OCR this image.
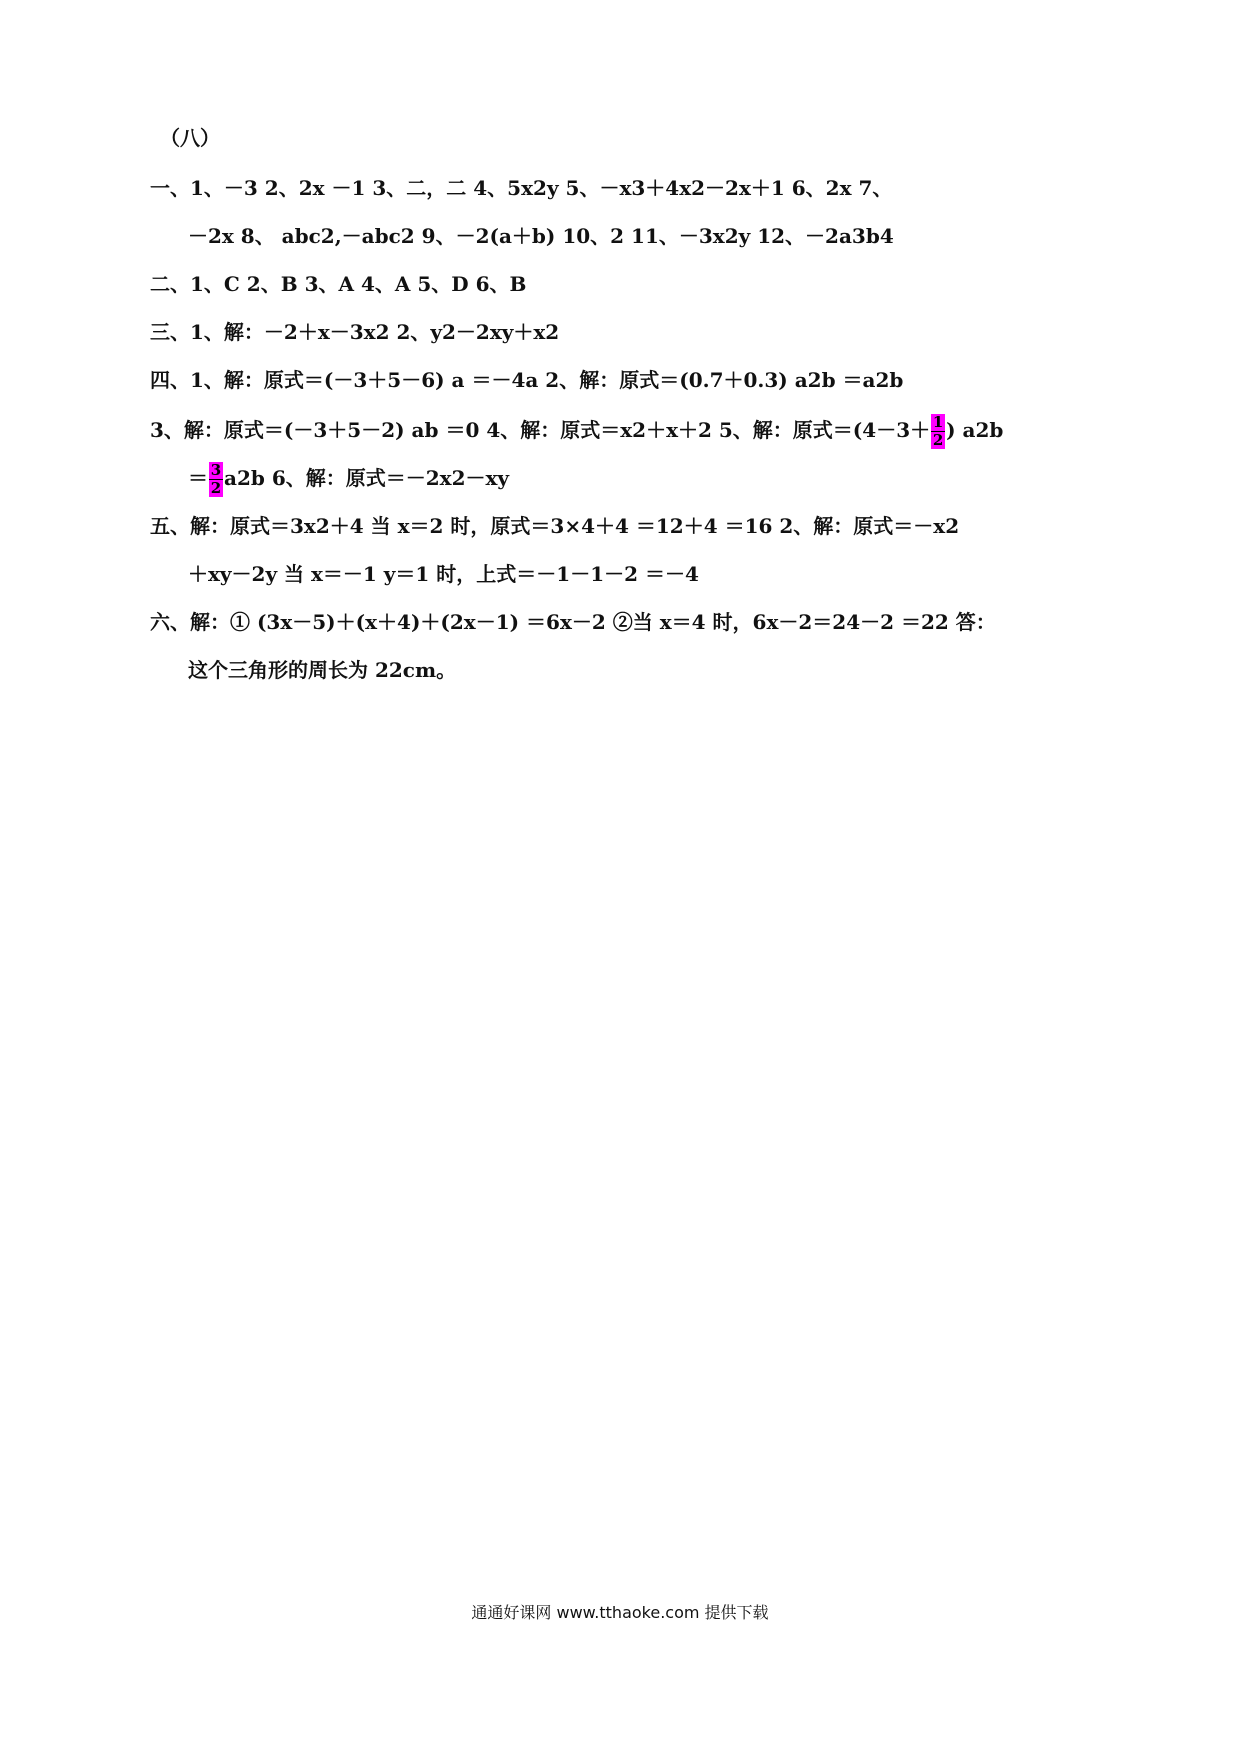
（八）
一、1、－3 2、2x －1 3、二，二 4、5x2y 5、－x3＋4x2－2x＋1 6、2x 7、
－2x 8、 abc2,－abc2 9、－2(a＋b) 10、2 11、－3x2y 12、－2a3b4
二、1、C 2、B 3、A 4、A 5、D 6、B
三、1、解：－2＋x－3x2 2、y2－2xy＋x2
四、1、解：原式＝(－3＋5－6) a ＝－4a 2、解：原式＝(0.7＋0.3) a2b ＝a2b
3、解：原式＝(－3＋5－2) ab ＝0 4、解：原式＝x2＋x＋2 5、解：原式$=(4-3+ \frac{1}{2}$ ) a2b
＝ $\frac{3}{2} a2b$ 6、解：原式＝－2x2－xy
五、解：原式＝3x2＋4 当 x＝2 时，原式＝3×4＋4 ＝12＋4 ＝16 2、解：原式＝－x2
＋xy－2y 当 x＝－1 y＝1 时，上式＝－1－1－2 ＝－4
六、解：① (3x－5)＋(x＋4)＋(2x－1) ＝6x－2 ②当 x＝4 时，6x－2＝24－2 ＝22 答：
这个三角形的周长为 22cm。
通通好课网 www.tthaoke.com 提供下载
